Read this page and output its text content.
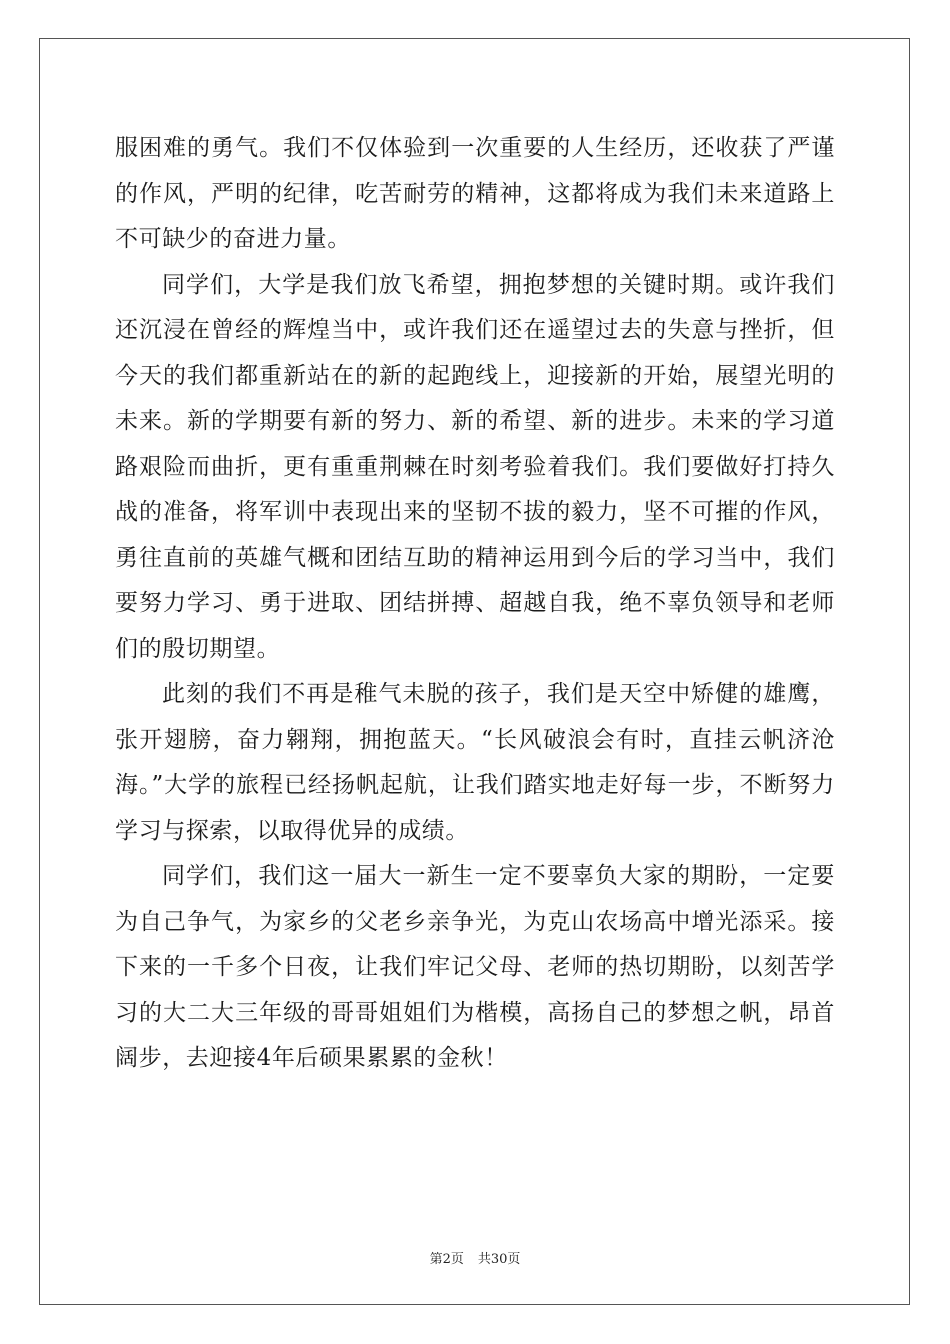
服困难的勇气。我们不仅体验到一次重要的人生经历，还收获了严谨的作风，严明的纪律，吃苦耐劳的精神，这都将成为我们未来道路上不可缺少的奋进力量。

同学们，大学是我们放飞希望，拥抱梦想的关键时期。或许我们还沉浸在曾经的辉煌当中，或许我们还在遥望过去的失意与挫折，但今天的我们都重新站在的新的起跑线上，迎接新的开始，展望光明的未来。新的学期要有新的努力、新的希望、新的进步。未来的学习道路艰险而曲折，更有重重荆棘在时刻考验着我们。我们要做好打持久战的准备，将军训中表现出来的坚韧不拔的毅力，坚不可摧的作风，勇往直前的英雄气概和团结互助的精神运用到今后的学习当中，我们要努力学习、勇于进取、团结拼搏、超越自我，绝不辜负领导和老师们的殷切期望。

此刻的我们不再是稚气未脱的孩子，我们是天空中矫健的雄鹰，张开翅膀，奋力翱翔，拥抱蓝天。“长风破浪会有时，直挂云帆济沧海。”大学的旅程已经扬帆起航，让我们踏实地走好每一步，不断努力学习与探索，以取得优异的成绩。

同学们，我们这一届大一新生一定不要辜负大家的期盼，一定要为自己争气，为家乡的父老乡亲争光，为克山农场高中增光添采。接下来的一千多个日夜，让我们牢记父母、老师的热切期盼，以刻苦学习的大二大三年级的哥哥姐姐们为楷模，高扬自己的梦想之帆，昂首阔步，去迎接4年后硕果累累的金秋！

第2页 共30页
